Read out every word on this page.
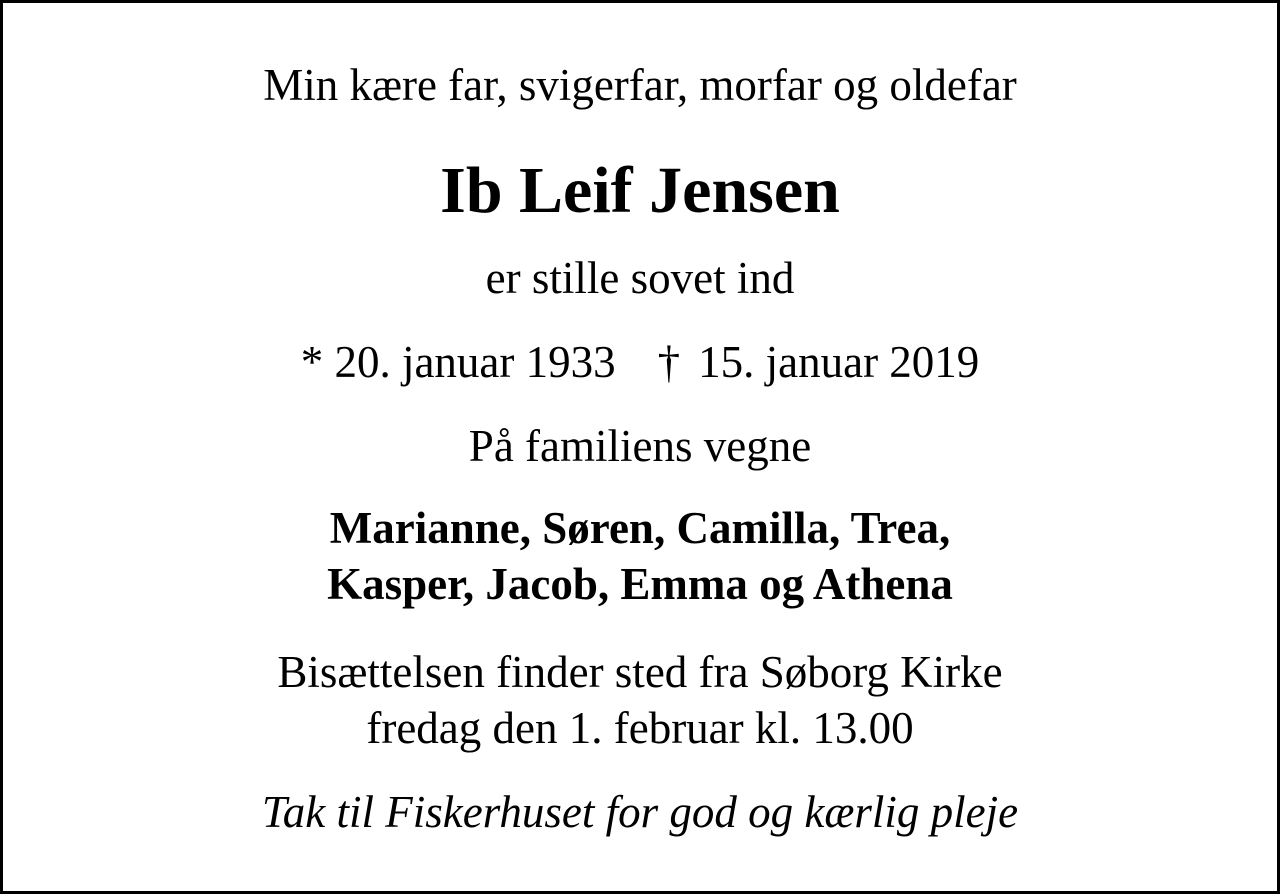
Min kære far, svigerfar, morfar og oldefar
Ib Leif Jensen
er stille sovet ind
* 20. januar 1933 † 15. januar 2019
På familiens vegne
Marianne, Søren, Camilla, Trea,
Kasper, Jacob, Emma og Athena
Bisættelsen finder sted fra Søborg Kirke
fredag den 1. februar kl. 13.00
Tak til Fiskerhuset for god og kærlig pleje
